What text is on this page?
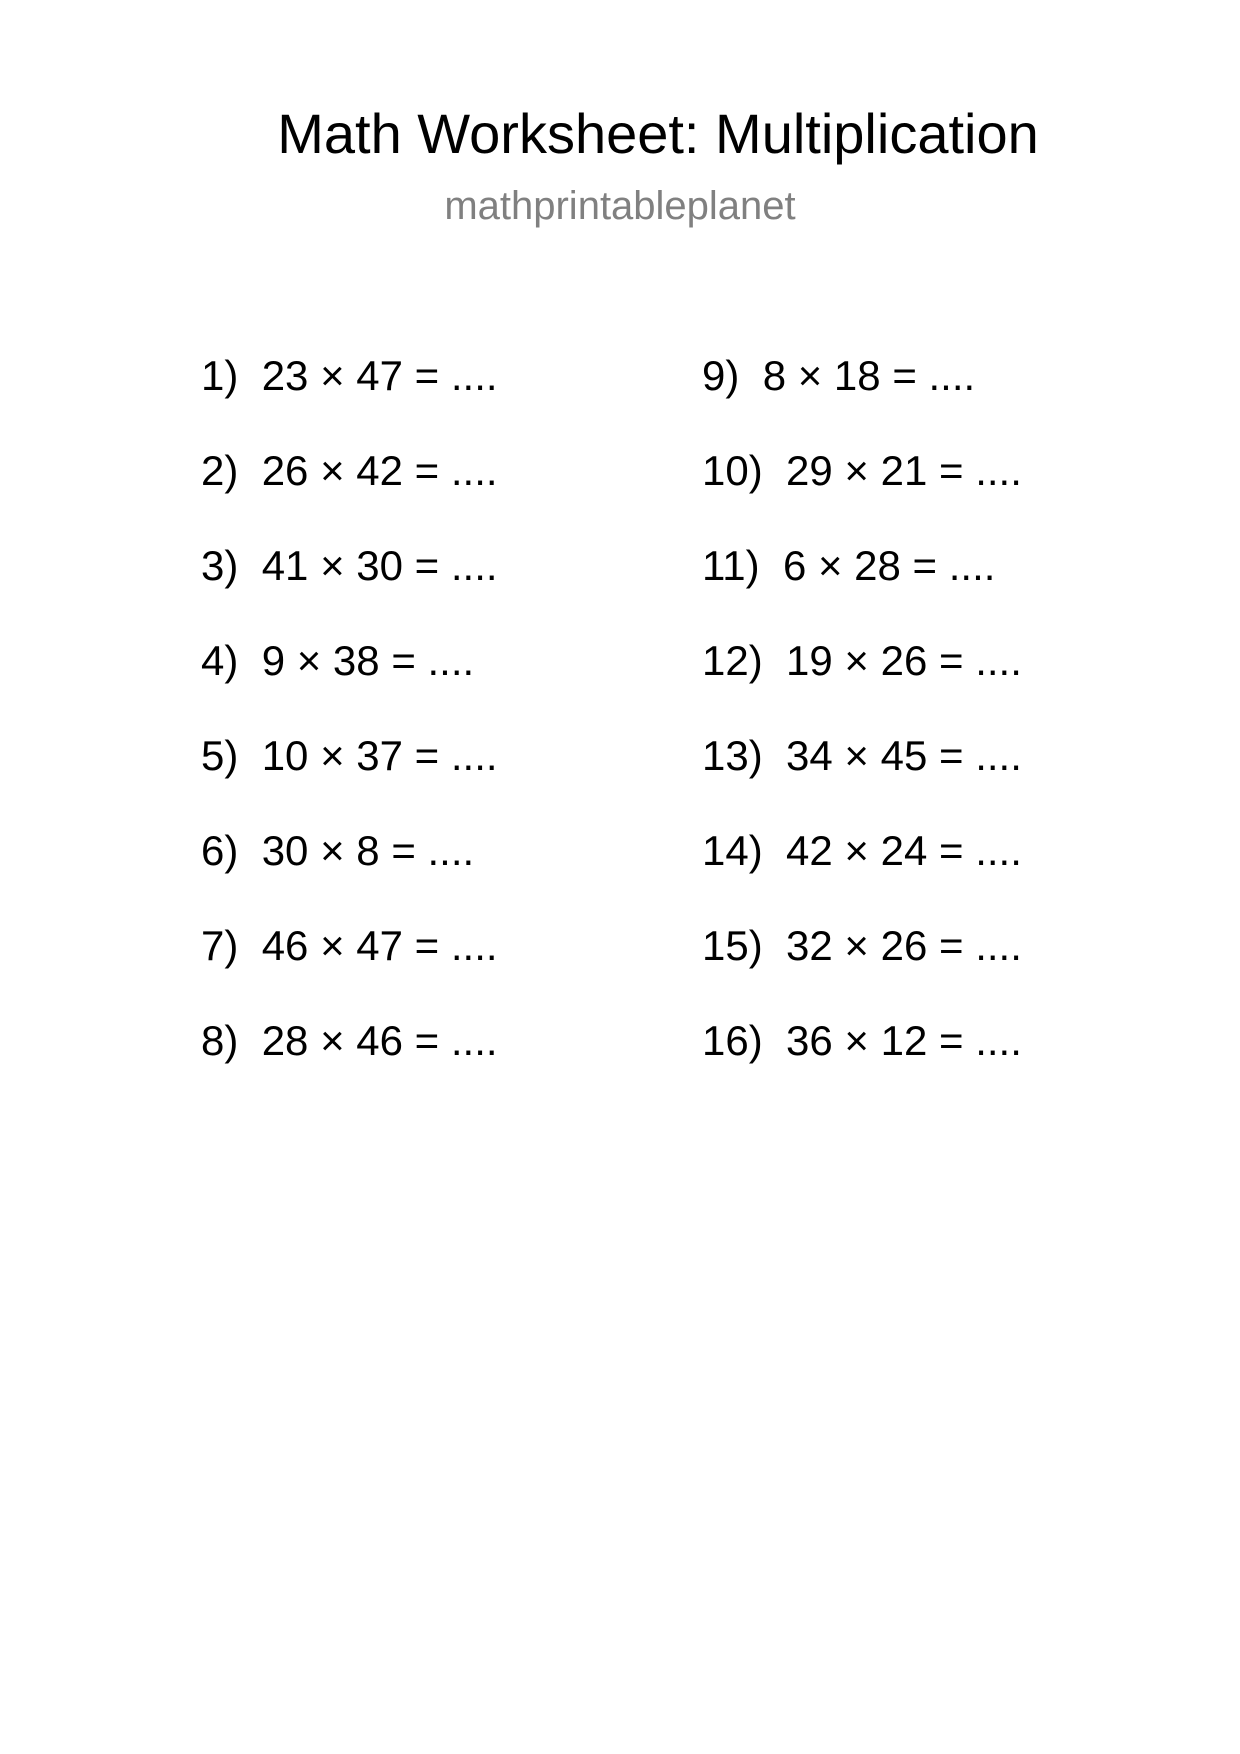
Math Worksheet: Multiplication
mathprintableplanet
1) 23 × 47 = ....
2) 26 × 42 = ....
3) 41 × 30 = ....
4) 9 × 38 = ....
5) 10 × 37 = ....
6) 30 × 8 = ....
7) 46 × 47 = ....
8) 28 × 46 = ....
9) 8 × 18 = ....
10) 29 × 21 = ....
11) 6 × 28 = ....
12) 19 × 26 = ....
13) 34 × 45 = ....
14) 42 × 24 = ....
15) 32 × 26 = ....
16) 36 × 12 = ....
